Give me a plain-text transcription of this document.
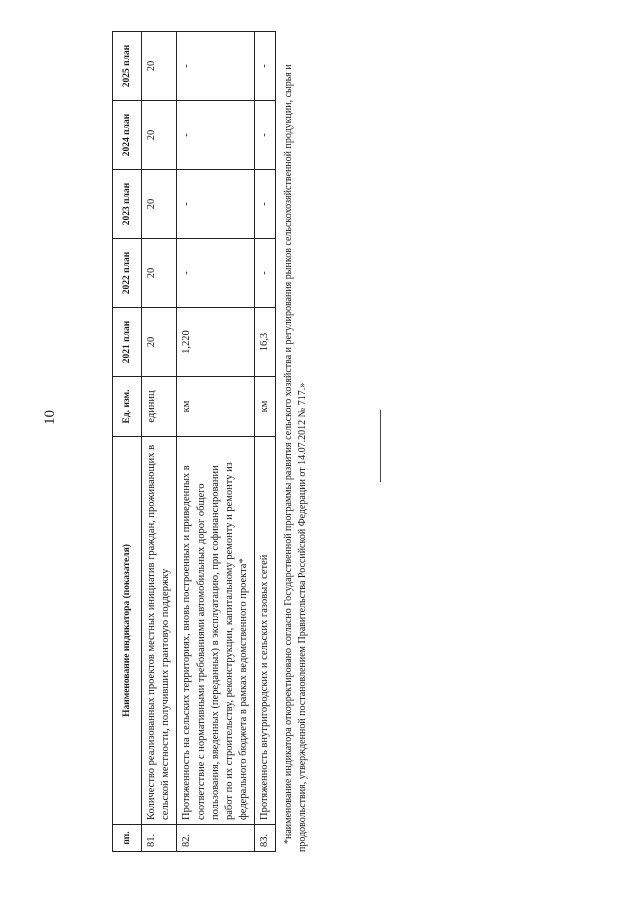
10
пп.	Наименование индикатора (показателя)	Ед. изм.	2021 план	2022 план	2023 план	2024 план	2025 план
81.	Количество реализованных проектов местных инициатив граждан, проживающих в сельской местности, получивших грантовую поддержку	единиц	20	20	20	20	20
82.	Протяженность на сельских территориях, вновь построенных и приведенных в соответствие с нормативными требованиями автомобильных дорог общего пользования, введенных (переданных) в эксплуатацию, при софинансировании работ по их строительству, реконструкции, капитальному ремонту и ремонту из федерального бюджета в рамках ведомственного проекта*	км	1,220	-	-	-	-
83.	Протяженность внутригородских и сельских газовых сетей	км	16,3	-	-	-	- *наименование индикатора откорректировано согласно Государственной программы развития сельского хозяйства и регулирования рынков сельскохозяйственной продукции, сырья и продовольствия, утвержденной постановлением Правительства Российской Федерации от 14.07.2012 № 717.»
